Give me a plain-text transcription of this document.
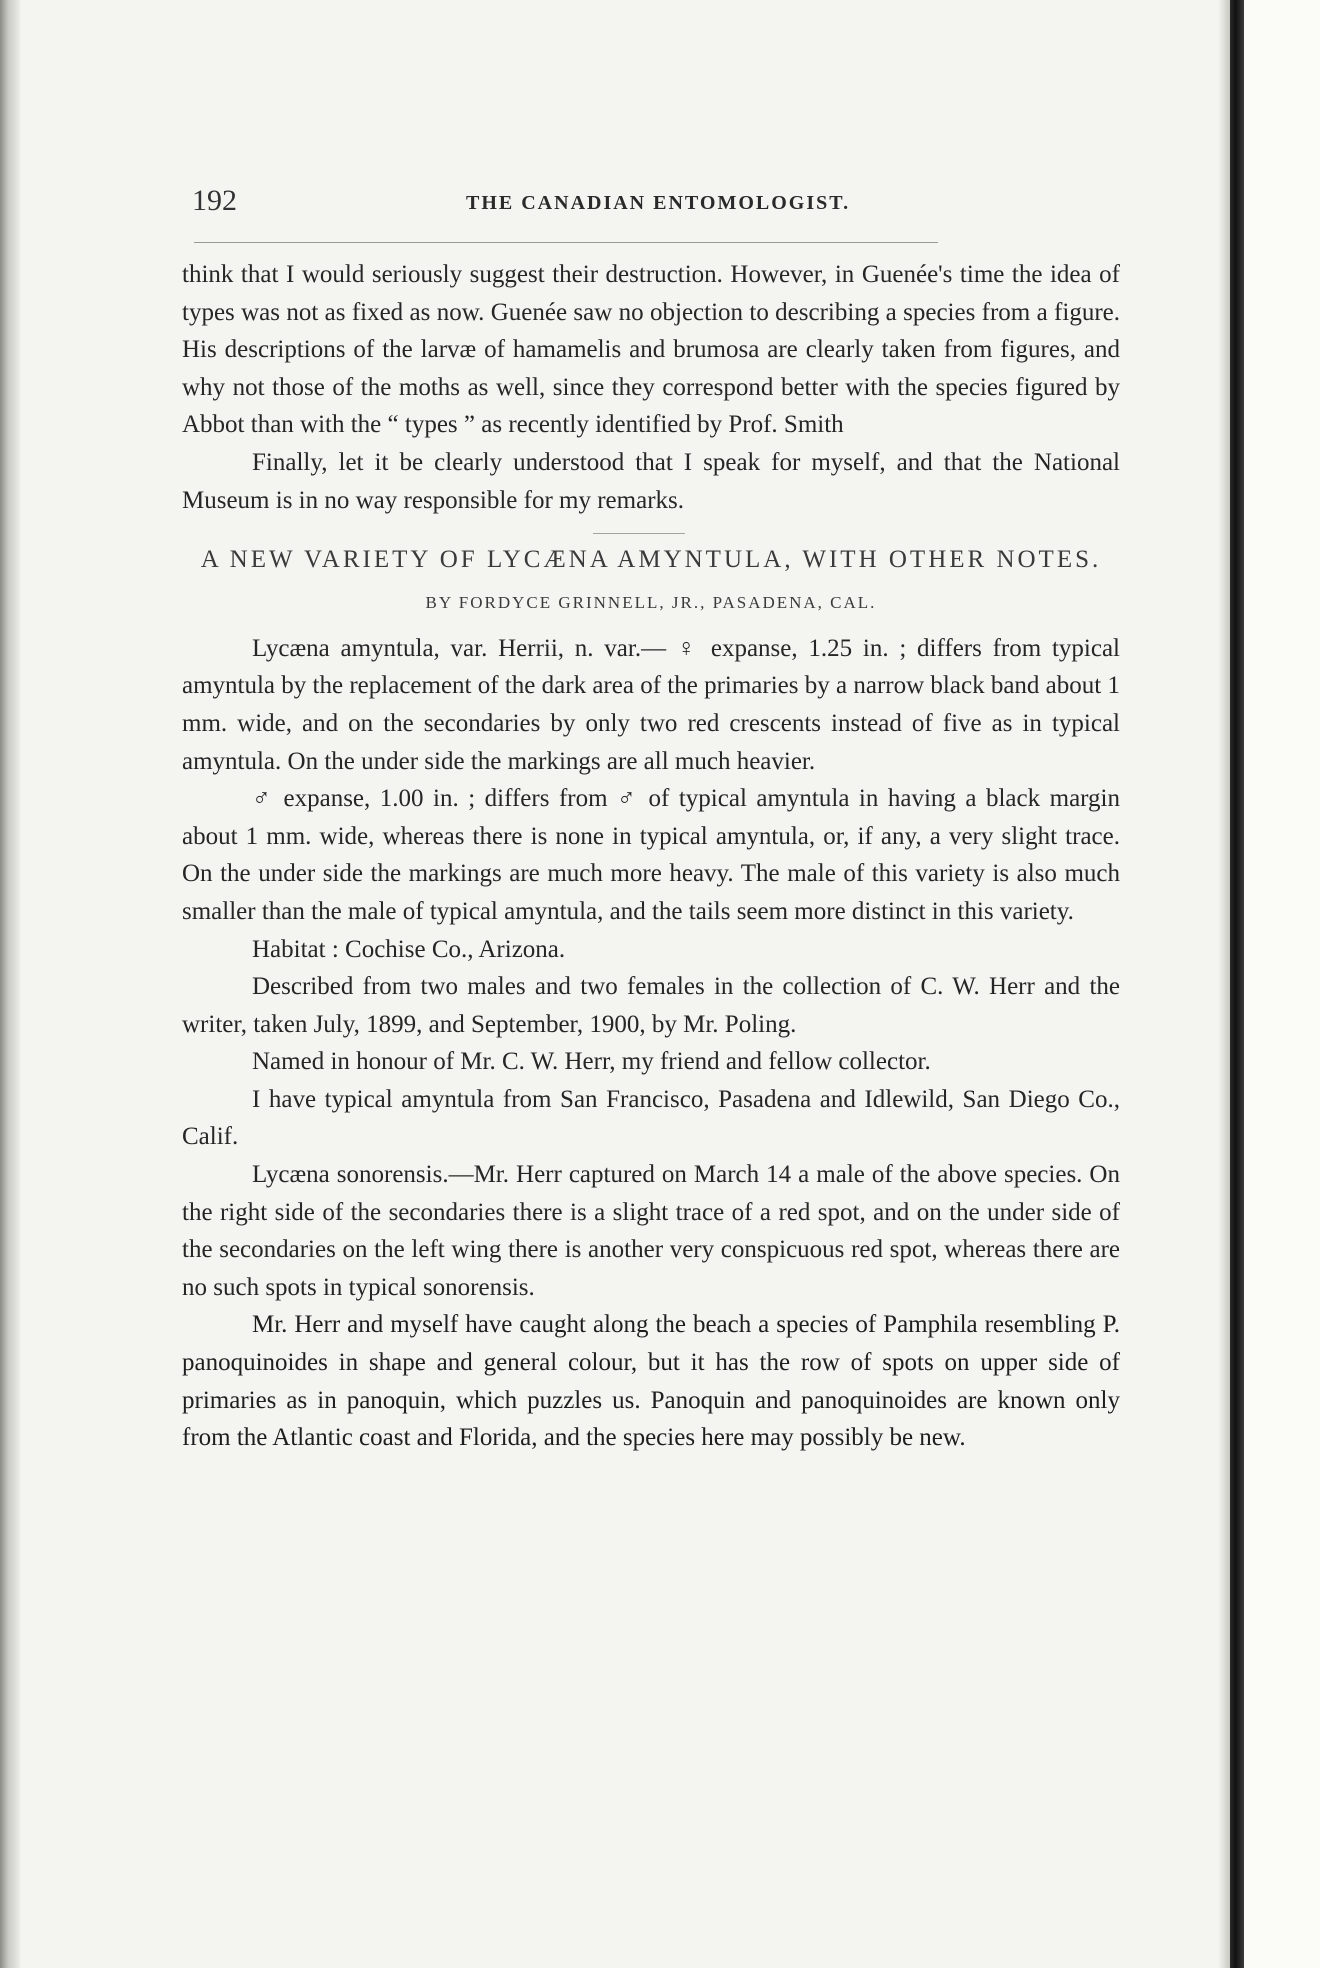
192	THE CANADIAN ENTOMOLOGIST.

think that I would seriously suggest their destruction. However, in Guenée's time the idea of types was not as fixed as now. Guenée saw no objection to describing a species from a figure. His descriptions of the larvæ of hamamelis and brumosa are clearly taken from figures, and why not those of the moths as well, since they correspond better with the species figured by Abbot than with the “ types ” as recently identified by Prof. Smith

Finally, let it be clearly understood that I speak for myself, and that the National Museum is in no way responsible for my remarks.

A NEW VARIETY OF LYCÆNA AMYNTULA, WITH OTHER NOTES.
BY FORDYCE GRINNELL, JR., PASADENA, CAL.

Lycæna amyntula, var. Herrii, n. var.— ♀ expanse, 1.25 in. ; differs from typical amyntula by the replacement of the dark area of the primaries by a narrow black band about 1 mm. wide, and on the secondaries by only two red crescents instead of five as in typical amyntula. On the under side the markings are all much heavier.

♂ expanse, 1.00 in. ; differs from ♂ of typical amyntula in having a black margin about 1 mm. wide, whereas there is none in typical amyntula, or, if any, a very slight trace. On the under side the markings are much more heavy. The male of this variety is also much smaller than the male of typical amyntula, and the tails seem more distinct in this variety.

Habitat : Cochise Co., Arizona.

Described from two males and two females in the collection of C. W. Herr and the writer, taken July, 1899, and September, 1900, by Mr. Poling.

Named in honour of Mr. C. W. Herr, my friend and fellow collector.

I have typical amyntula from San Francisco, Pasadena and Idlewild, San Diego Co., Calif.

Lycæna sonorensis.—Mr. Herr captured on March 14 a male of the above species. On the right side of the secondaries there is a slight trace of a red spot, and on the under side of the secondaries on the left wing there is another very conspicuous red spot, whereas there are no such spots in typical sonorensis.

Mr. Herr and myself have caught along the beach a species of Pamphila resembling P. panoquinoides in shape and general colour, but it has the row of spots on upper side of primaries as in panoquin, which puzzles us. Panoquin and panoquinoides are known only from the Atlantic coast and Florida, and the species here may possibly be new.
